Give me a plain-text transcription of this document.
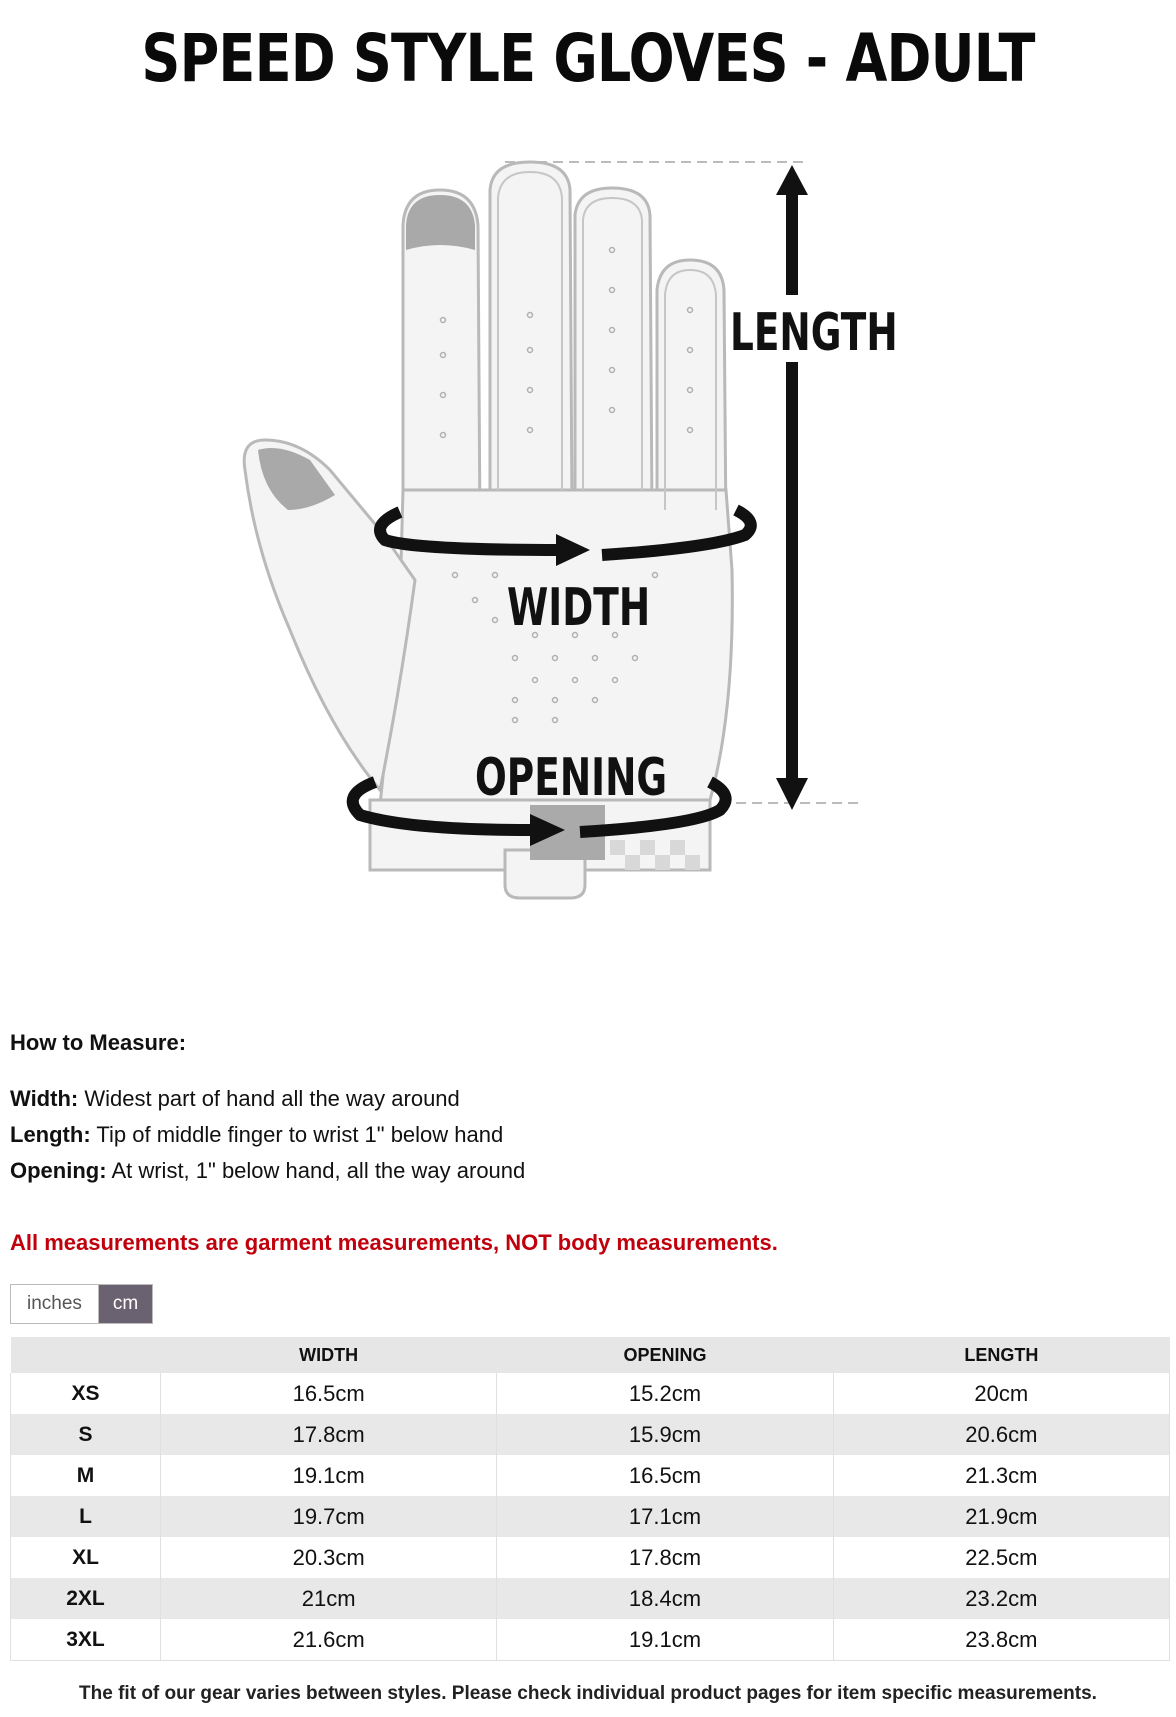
SPEED STYLE GLOVES - ADULT
LENGTH
WIDTH
OPENING

How to Measure:

Width: Widest part of hand all the way around

Length: Tip of middle finger to wrist 1" below hand

Opening: At wrist, 1" below hand, all the way around

All measurements are garment measurements, NOT body measurements.
inches	cm
	WIDTH	OPENING	LENGTH
XS	16.5cm	15.2cm	20cm
S	17.8cm	15.9cm	20.6cm
M	19.1cm	16.5cm	21.3cm
L	19.7cm	17.1cm	21.9cm
XL	20.3cm	17.8cm	22.5cm
2XL	21cm	18.4cm	23.2cm
3XL	21.6cm	19.1cm	23.8cm
The fit of our gear varies between styles. Please check individual product pages for item specific measurements.
